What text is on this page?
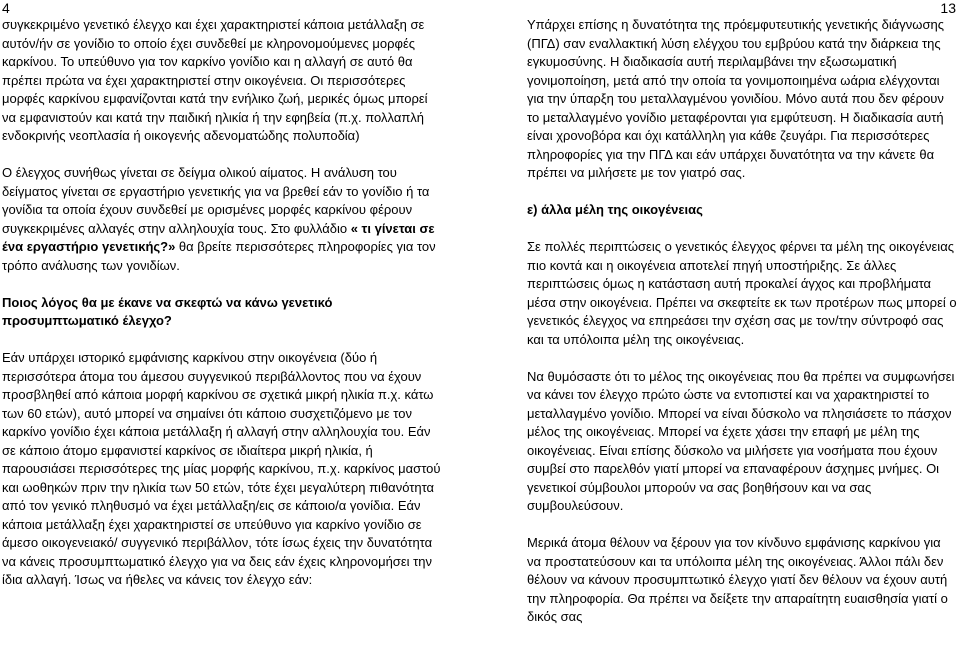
4	13

συγκεκριμένο γενετικό έλεγχο και έχει χαρακτηριστεί κάποια μετάλλαξη σε αυτόν/ήν σε γονίδιο το οποίο έχει συνδεθεί με κληρονομούμενες μορφές καρκίνου. Το υπεύθυνο για τον καρκίνο γονίδιο και η αλλαγή σε αυτό θα πρέπει πρώτα να έχει χαρακτηριστεί στην οικογένεια. Οι περισσότερες μορφές καρκίνου εμφανίζονται κατά την ενήλικο ζωή, μερικές όμως μπορεί να εμφανιστούν και κατά την παιδική ηλικία ή την εφηβεία (π.χ. πολλαπλή ενδοκρινής νεοπλασία ή οικογενής αδενοματώδης πολυποδία)

Ο έλεγχος συνήθως γίνεται σε δείγμα ολικού αίματος. Η ανάλυση του δείγματος γίνεται σε εργαστήριο γενετικής για να βρεθεί εάν το γονίδιο ή τα γονίδια τα οποία έχουν συνδεθεί με ορισμένες μορφές καρκίνου φέρουν συγκεκριμένες αλλαγές στην αλληλουχία τους. Στο φυλλάδιο « τι γίνεται σε ένα εργαστήριο γενετικής?» θα βρείτε περισσότερες πληροφορίες για τον τρόπο ανάλυσης των γονιδίων.

Ποιος λόγος θα με έκανε να σκεφτώ να κάνω γενετικό προσυμπτωματικό έλεγχο?

Εάν υπάρχει ιστορικό εμφάνισης καρκίνου στην οικογένεια (δύο ή περισσότερα άτομα του άμεσου συγγενικού περιβάλλοντος που να έχουν προσβληθεί από κάποια μορφή καρκίνου σε σχετικά μικρή ηλικία π.χ. κάτω των 60 ετών), αυτό μπορεί να σημαίνει ότι κάποιο συσχετιζόμενο με τον καρκίνο γονίδιο έχει κάποια μετάλλαξη ή αλλαγή στην αλληλουχία του. Εάν σε κάποιο άτομο εμφανιστεί καρκίνος σε ιδιαίτερα μικρή ηλικία, ή παρουσιάσει περισσότερες της μίας μορφής καρκίνου, π.χ. καρκίνος μαστού και ωοθηκών πριν την ηλικία των 50 ετών, τότε έχει μεγαλύτερη πιθανότητα από τον γενικό πληθυσμό να έχει μετάλλαξη/εις σε κάποιο/α γονίδια. Εάν κάποια μετάλλαξη έχει χαρακτηριστεί σε υπεύθυνο για καρκίνο γονίδιο σε άμεσο οικογενειακό/ συγγενικό περιβάλλον, τότε ίσως έχεις την δυνατότητα να κάνεις προσυμπτωματικό έλεγχο για να δεις εάν έχεις κληρονομήσει την ίδια αλλαγή. Ίσως να ήθελες να κάνεις τον έλεγχο εάν:

Υπάρχει επίσης η δυνατότητα της πρόεμφυτευτικής γενετικής διάγνωσης (ΠΓΔ) σαν εναλλακτική λύση ελέγχου του εμβρύου κατά την διάρκεια της εγκυμοσύνης. Η διαδικασία αυτή περιλαμβάνει την εξωσωματική γονιμοποίηση, μετά από την οποία τα γονιμοποιημένα ωάρια ελέγχονται για την ύπαρξη του μεταλλαγμένου γονιδίου. Μόνο αυτά που δεν φέρουν το μεταλλαγμένο γονίδιο μεταφέρονται για εμφύτευση. Η διαδικασία αυτή είναι χρονοβόρα και όχι κατάλληλη για κάθε ζευγάρι. Για περισσότερες πληροφορίες για την ΠΓΔ και εάν υπάρχει δυνατότητα να την κάνετε θα πρέπει να μιλήσετε με τον γιατρό σας.

ε) άλλα μέλη της οικογένειας

Σε πολλές περιπτώσεις ο γενετικός έλεγχος φέρνει τα μέλη της οικογένειας πιο κοντά και η οικογένεια αποτελεί πηγή υποστήριξης. Σε άλλες περιπτώσεις όμως η κατάσταση αυτή προκαλεί άγχος και προβλήματα μέσα στην οικογένεια. Πρέπει να σκεφτείτε εκ των προτέρων πως μπορεί ο γενετικός έλεγχος να επηρεάσει την σχέση σας με τον/την σύντροφό σας και τα υπόλοιπα μέλη της οικογένειας.

Να θυμόσαστε ότι το μέλος της οικογένειας που θα πρέπει να συμφωνήσει να κάνει τον έλεγχο πρώτο ώστε να εντοπιστεί και να χαρακτηριστεί το μεταλλαγμένο γονίδιο. Μπορεί να είναι δύσκολο να πλησιάσετε το πάσχον μέλος της οικογένειας. Μπορεί να έχετε χάσει την επαφή με μέλη της οικογένειας. Είναι επίσης δύσκολο να μιλήσετε για νοσήματα που έχουν συμβεί στο παρελθόν γιατί μπορεί να επαναφέρουν άσχημες μνήμες. Οι γενετικοί σύμβουλοι μπορούν να σας βοηθήσουν και να σας συμβουλεύσουν.

Μερικά άτομα θέλουν να ξέρουν για τον κίνδυνο εμφάνισης καρκίνου για να προστατεύσουν και τα υπόλοιπα μέλη της οικογένειας. Άλλοι πάλι δεν θέλουν να κάνουν προσυμπτωτικό έλεγχο γιατί δεν θέλουν να έχουν αυτή την πληροφορία. Θα πρέπει να δείξετε την απαραίτητη ευαισθησία γιατί ο δικός σας
